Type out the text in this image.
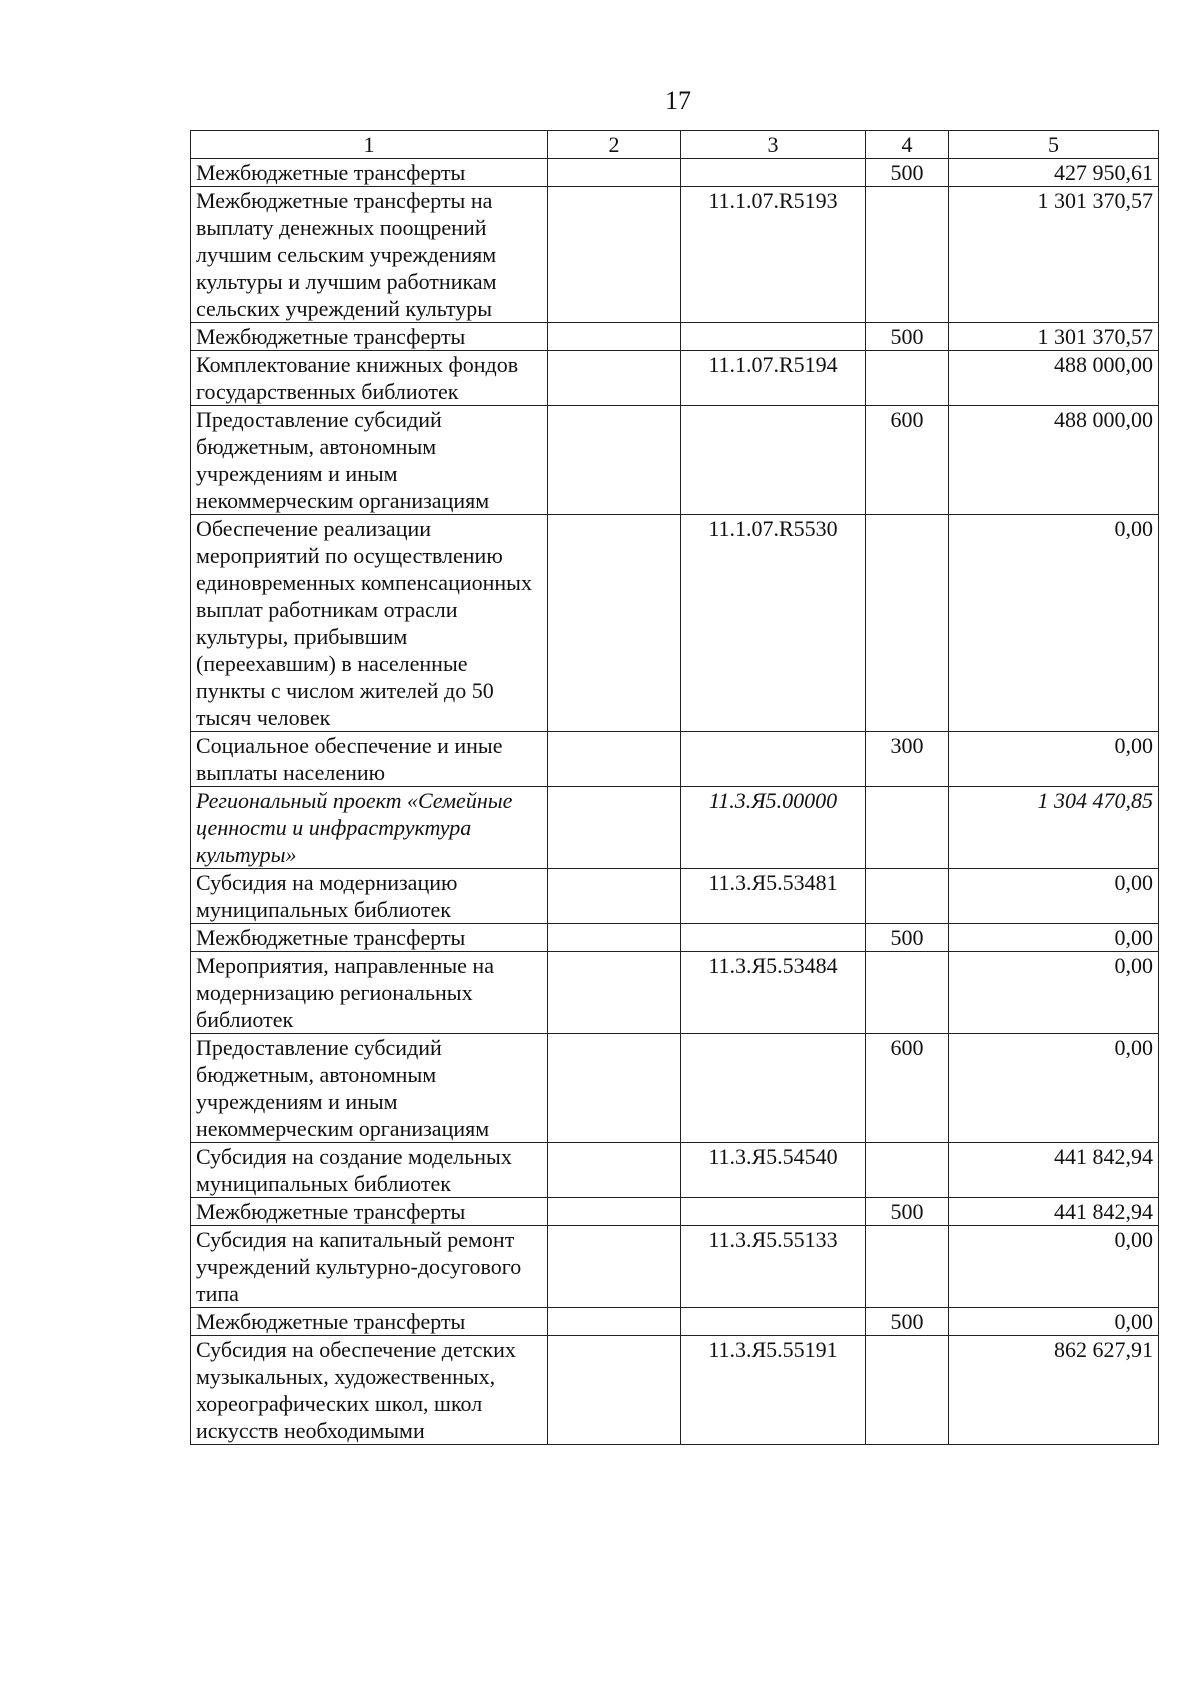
17
1	2	3	4	5
Межбюджетные трансферты			500	427 950,61
Межбюджетные трансферты на выплату денежных поощрений лучшим сельским учреждениям культуры и лучшим работникам сельских учреждений культуры		11.1.07.R5193		1 301 370,57
Межбюджетные трансферты			500	1 301 370,57
Комплектование книжных фондов государственных библиотек		11.1.07.R5194		488 000,00
Предоставление субсидий бюджетным, автономным учреждениям и иным некоммерческим организациям			600	488 000,00
Обеспечение реализации мероприятий по осуществлению единовременных компенсационных выплат работникам отрасли культуры, прибывшим (переехавшим) в населенные пункты с числом жителей до 50 тысяч человек		11.1.07.R5530		0,00
Социальное обеспечение и иные выплаты населению			300	0,00
Региональный проект «Семейные ценности и инфраструктура культуры»		11.3.Я5.00000		1 304 470,85
Субсидия на модернизацию муниципальных библиотек		11.3.Я5.53481		0,00
Межбюджетные трансферты			500	0,00
Мероприятия, направленные на модернизацию региональных библиотек		11.3.Я5.53484		0,00
Предоставление субсидий бюджетным, автономным учреждениям и иным некоммерческим организациям			600	0,00
Субсидия на создание модельных муниципальных библиотек		11.3.Я5.54540		441 842,94
Межбюджетные трансферты			500	441 842,94
Субсидия на капитальный ремонт учреждений культурно-досугового типа		11.3.Я5.55133		0,00
Межбюджетные трансферты			500	0,00
Субсидия на обеспечение детских музыкальных, художественных, хореографических школ, школ искусств необходимыми		11.3.Я5.55191		862 627,91
